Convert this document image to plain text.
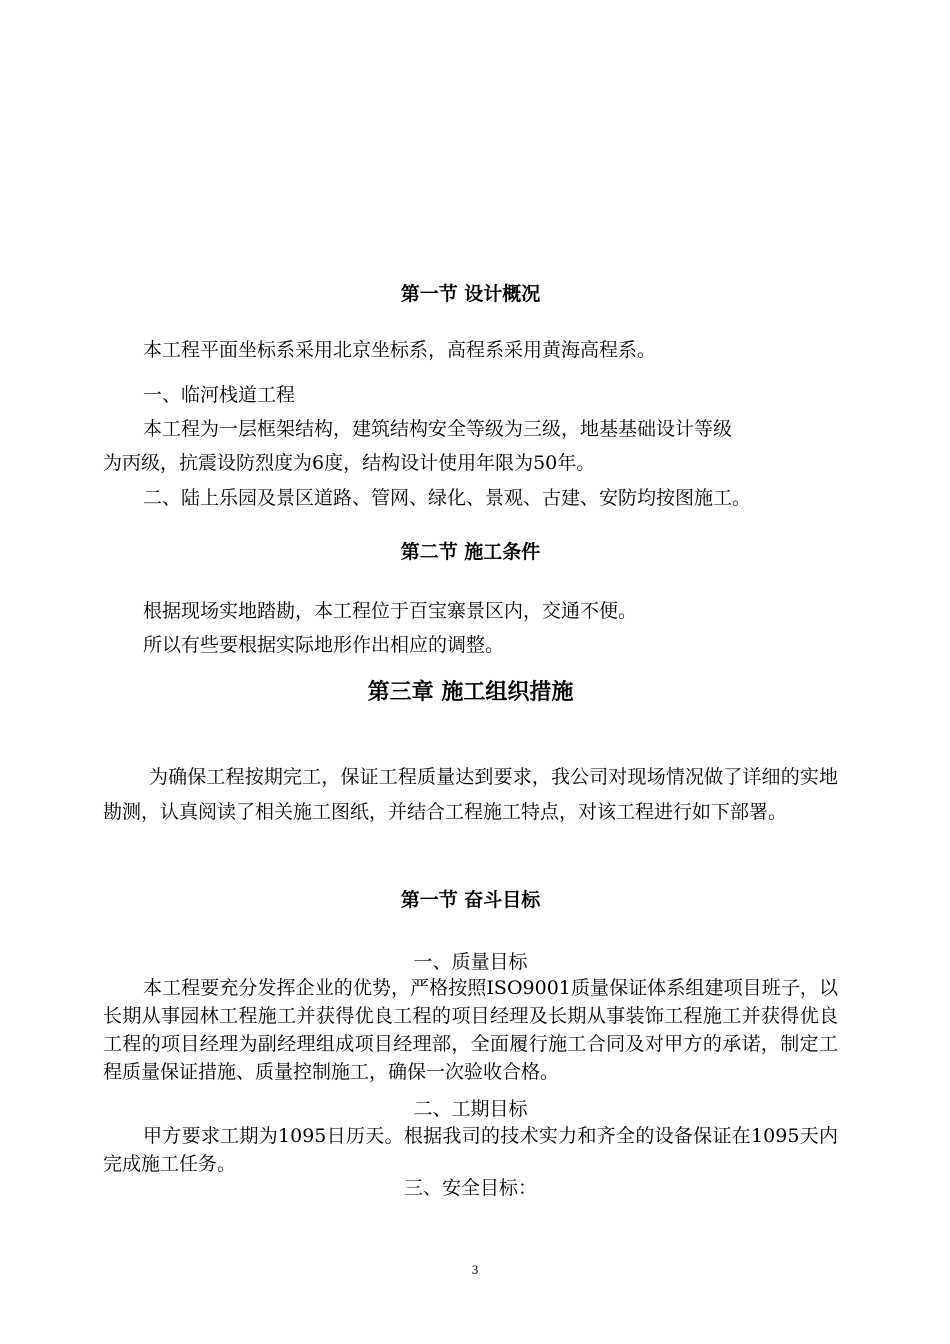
第一节 设计概况

本工程平面坐标系采用北京坐标系，高程系采用黄海高程系。

一、临河栈道工程

本工程为一层框架结构，建筑结构安全等级为三级，地基基础设计等级

为丙级，抗震设防烈度为6度，结构设计使用年限为50年。

二、陆上乐园及景区道路、管网、绿化、景观、古建、安防均按图施工。

第二节 施工条件

根据现场实地踏勘，本工程位于百宝寨景区内，交通不便。

所以有些要根据实际地形作出相应的调整。

第三章 施工组织措施

为确保工程按期完工，保证工程质量达到要求，我公司对现场情况做了详细的实地勘测，认真阅读了相关施工图纸，并结合工程施工特点，对该工程进行如下部署。

第一节 奋斗目标

一、质量目标

本工程要充分发挥企业的优势，严格按照ISO9001质量保证体系组建项目班子，以长期从事园林工程施工并获得优良工程的项目经理及长期从事装饰工程施工并获得优良工程的项目经理为副经理组成项目经理部，全面履行施工合同及对甲方的承诺，制定工程质量保证措施、质量控制施工，确保一次验收合格。

二、工期目标

甲方要求工期为1095日历天。根据我司的技术实力和齐全的设备保证在1095天内完成施工任务。

三、安全目标：

3
